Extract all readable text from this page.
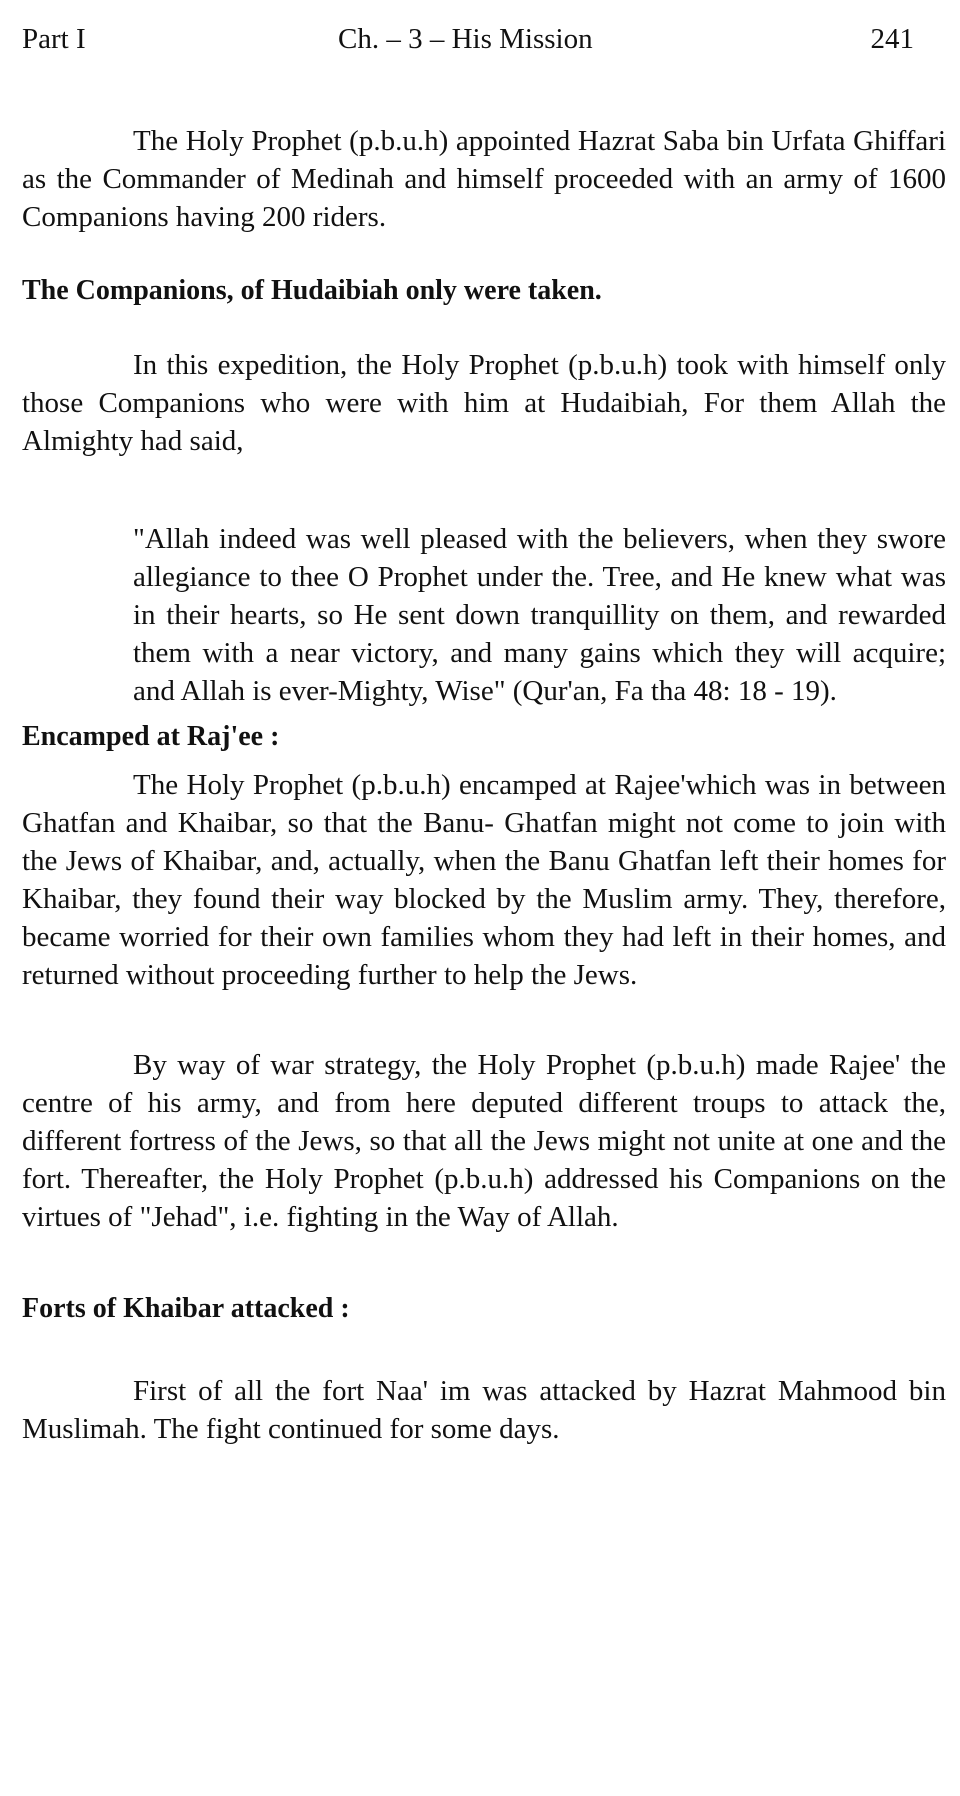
Part I	Ch. – 3 – His Mission	241

The Holy Prophet (p.b.u.h) appointed Hazrat Saba bin Urfata Ghiffari as the Commander of Medinah and himself proceeded with an army of 1600 Companions having 200 riders.

The Companions, of Hudaibiah only were taken.

In this expedition, the Holy Prophet (p.b.u.h) took with himself only those Companions who were with him at Hudaibiah, For them Allah the Almighty had said,

"Allah indeed was well pleased with the believers, when they swore allegiance to thee O Prophet under the. Tree, and He knew what was in their hearts, so He sent down tranquillity on them, and rewarded them with a near victory, and many gains which they will acquire; and Allah is ever-Mighty, Wise" (Qur'an, Fa tha 48: 18 - 19).
Encamped at Raj'ee :

The Holy Prophet (p.b.u.h) encamped at Rajee'which was in between Ghatfan and Khaibar, so that the Banu- Ghatfan might not come to join with the Jews of Khaibar, and, actually, when the Banu Ghatfan left their homes for Khaibar, they found their way blocked by the Muslim army. They, therefore, became worried for their own families whom they had left in their homes, and returned without proceeding further to help the Jews.

By way of war strategy, the Holy Prophet (p.b.u.h) made Rajee' the centre of his army, and from here deputed different troups to attack the, different fortress of the Jews, so that all the Jews might not unite at one and the fort. Thereafter, the Holy Prophet (p.b.u.h) addressed his Companions on the virtues of "Jehad", i.e. fighting in the Way of Allah.

Forts of Khaibar attacked :

First of all the fort Naa' im was attacked by Hazrat Mahmood bin Muslimah. The fight continued for some days.
